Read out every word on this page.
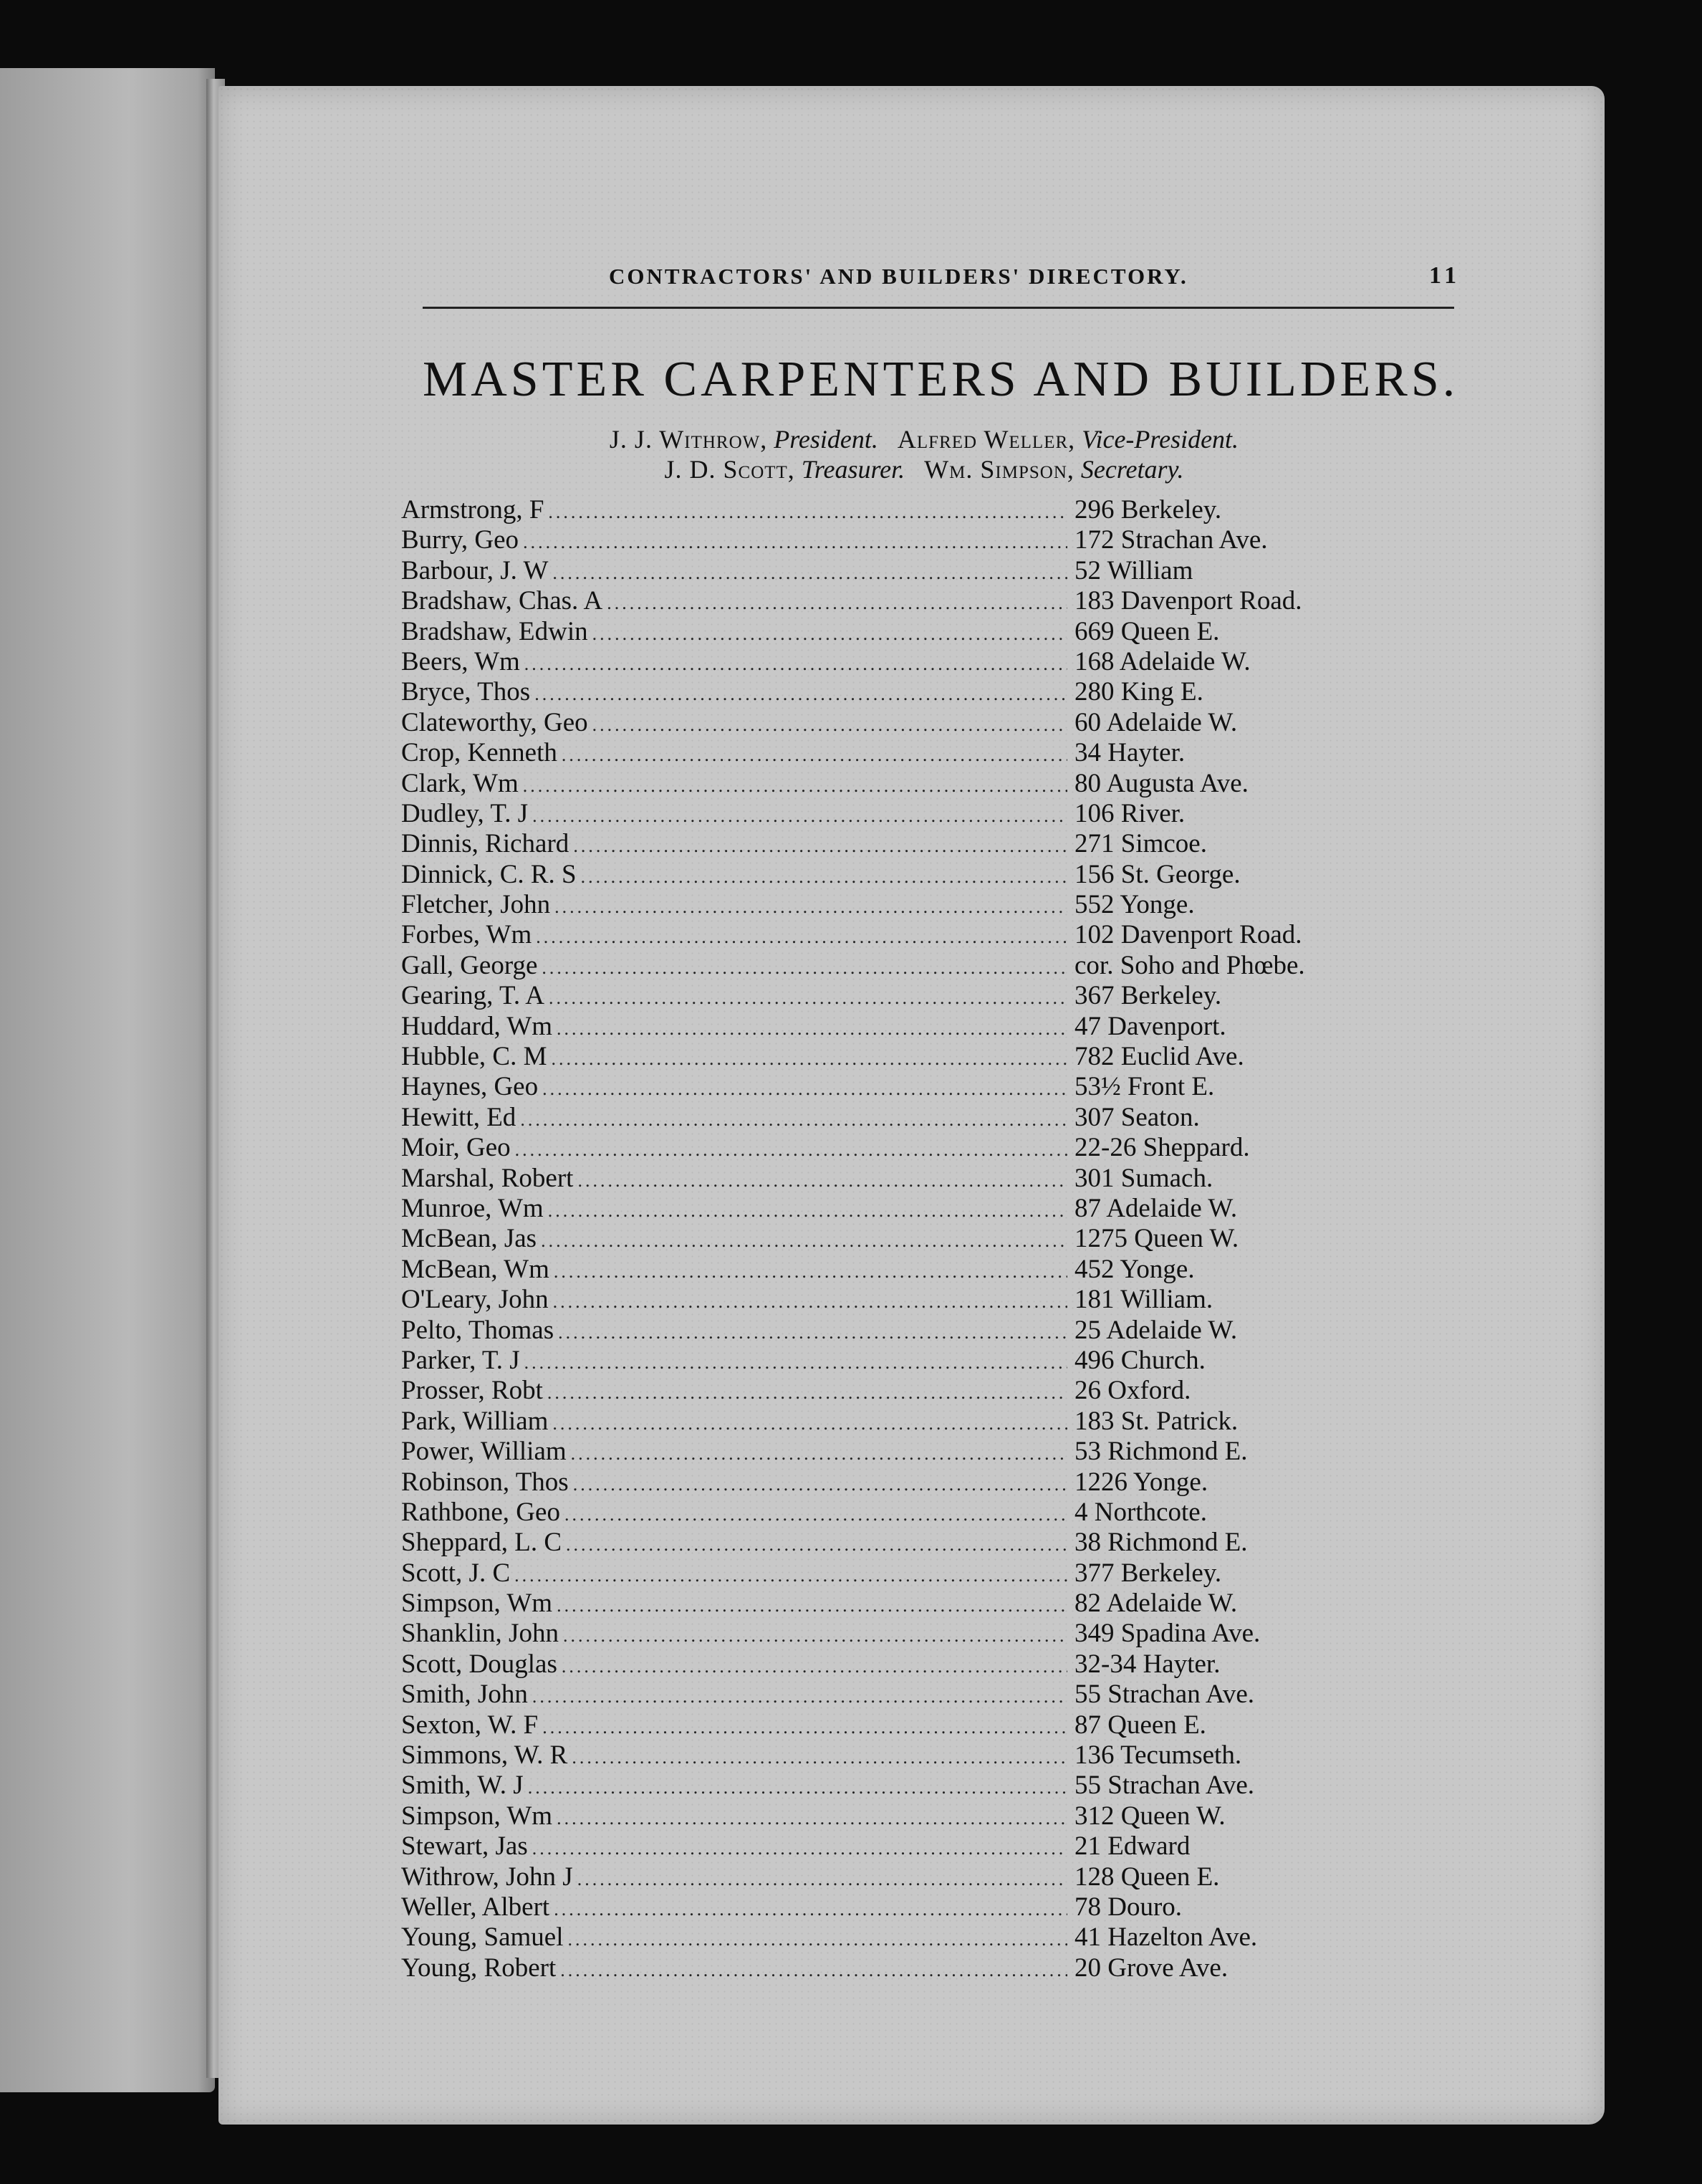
CONTRACTORS' AND BUILDERS' DIRECTORY.	11
MASTER CARPENTERS AND BUILDERS.
J. J. Withrow, President. Alfred Weller, Vice-President.
J. D. Scott, Treasurer. Wm. Simpson, Secretary.
Armstrong, F .....	296 Berkeley.
Burry, Geo .....	172 Strachan Ave.
Barbour, J. W .....	52 William
Bradshaw, Chas. A .....	183 Davenport Road.
Bradshaw, Edwin .....	669 Queen E.
Beers, Wm .....	168 Adelaide W.
Bryce, Thos .....	280 King E.
Clateworthy, Geo .....	60 Adelaide W.
Crop, Kenneth .....	34 Hayter.
Clark, Wm .....	80 Augusta Ave.
Dudley, T. J .....	106 River.
Dinnis, Richard .....	271 Simcoe.
Dinnick, C. R. S .....	156 St. George.
Fletcher, John .....	552 Yonge.
Forbes, Wm .....	102 Davenport Road.
Gall, George .....	cor. Soho and Phœbe.
Gearing, T. A .....	367 Berkeley.
Huddard, Wm .....	47 Davenport.
Hubble, C. M .....	782 Euclid Ave.
Haynes, Geo .....	53½ Front E.
Hewitt, Ed .....	307 Seaton.
Moir, Geo .....	22-26 Sheppard.
Marshal, Robert .....	301 Sumach.
Munroe, Wm .....	87 Adelaide W.
McBean, Jas .....	1275 Queen W.
McBean, Wm .....	452 Yonge.
O'Leary, John .....	181 William.
Pelto, Thomas .....	25 Adelaide W.
Parker, T. J .....	496 Church.
Prosser, Robt .....	26 Oxford.
Park, William .....	183 St. Patrick.
Power, William .....	53 Richmond E.
Robinson, Thos .....	1226 Yonge.
Rathbone, Geo .....	4 Northcote.
Sheppard, L. C .....	38 Richmond E.
Scott, J. C .....	377 Berkeley.
Simpson, Wm .....	82 Adelaide W.
Shanklin, John .....	349 Spadina Ave.
Scott, Douglas .....	32-34 Hayter.
Smith, John .....	55 Strachan Ave.
Sexton, W. F .....	87 Queen E.
Simmons, W. R .....	136 Tecumseth.
Smith, W. J .....	55 Strachan Ave.
Simpson, Wm .....	312 Queen W.
Stewart, Jas .....	21 Edward
Withrow, John J .....	128 Queen E.
Weller, Albert .....	78 Douro.
Young, Samuel .....	41 Hazelton Ave.
Young, Robert .....	20 Grove Ave.
